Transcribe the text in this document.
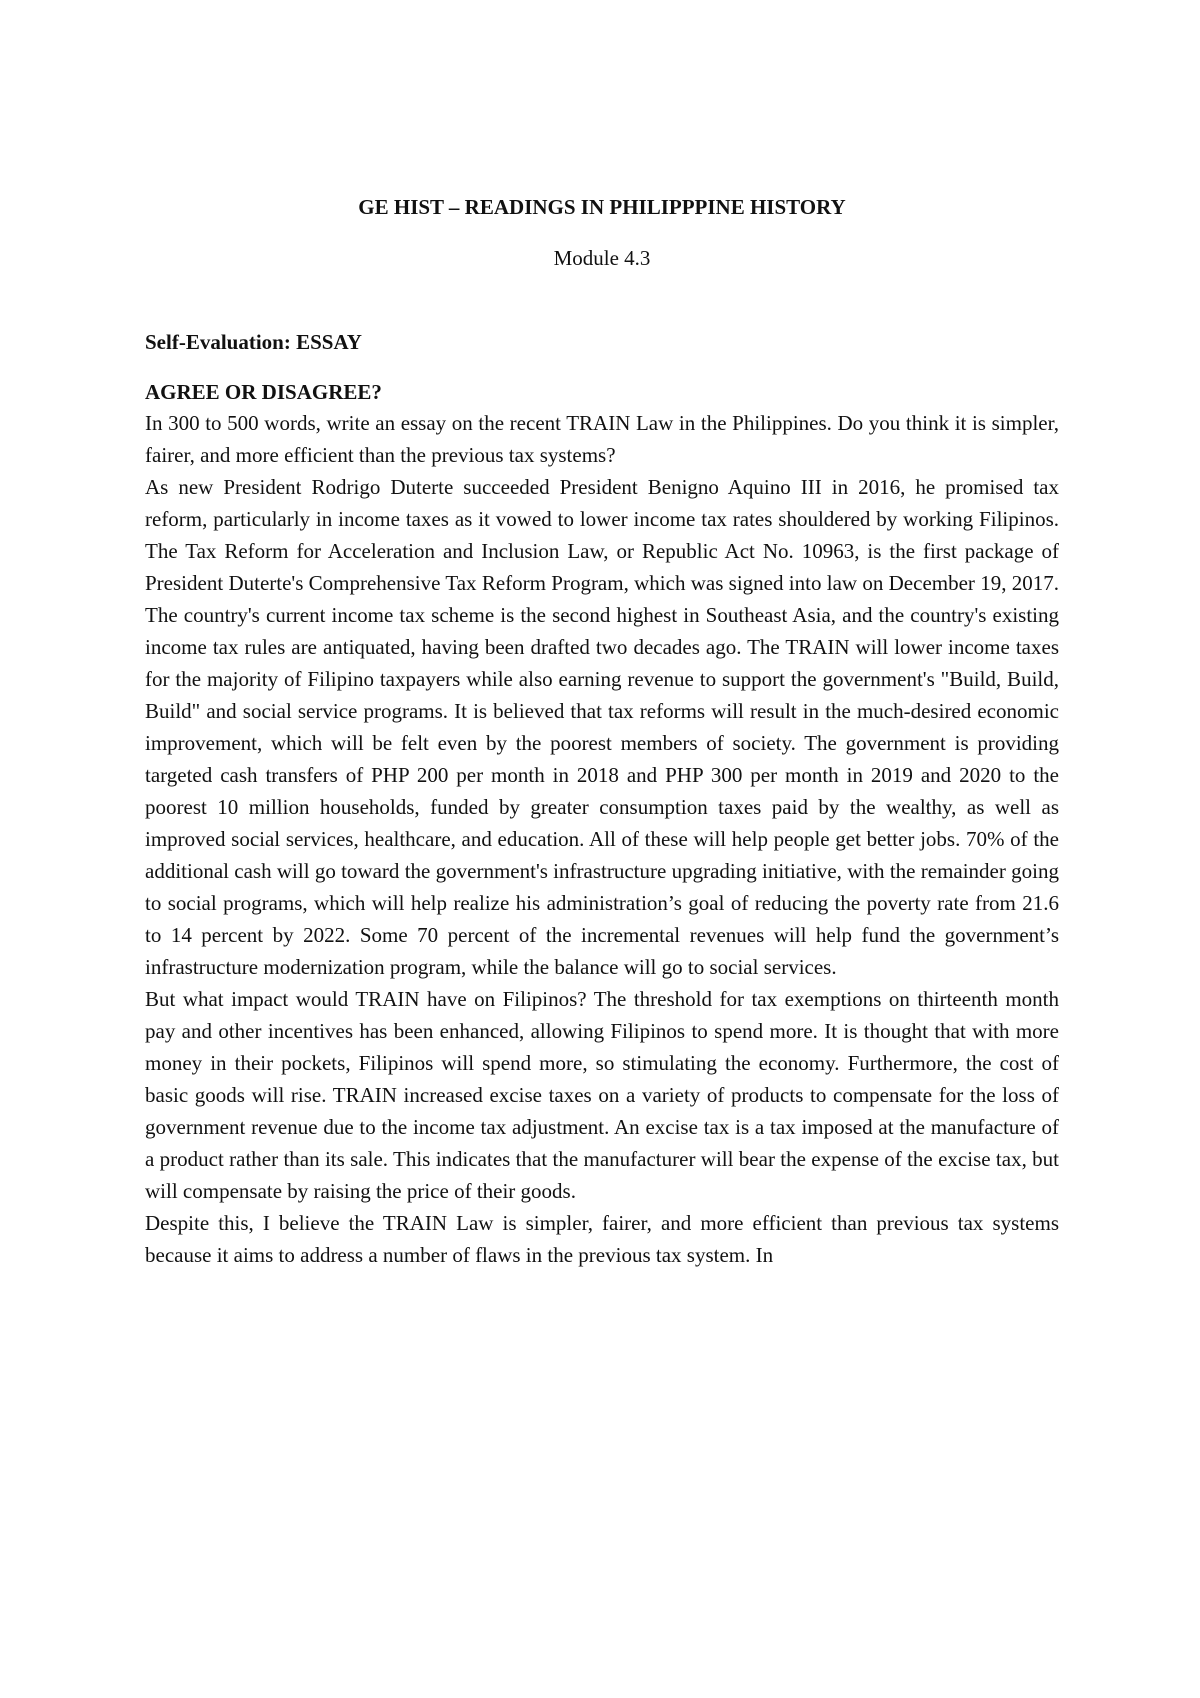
GE HIST – READINGS IN PHILIPPPINE HISTORY
Module 4.3
Self-Evaluation: ESSAY
AGREE OR DISAGREE?

In 300 to 500 words, write an essay on the recent TRAIN Law in the Philippines. Do you think it is simpler, fairer, and more efficient than the previous tax systems?

As new President Rodrigo Duterte succeeded President Benigno Aquino III in 2016, he promised tax reform, particularly in income taxes as it vowed to lower income tax rates shouldered by working Filipinos. The Tax Reform for Acceleration and Inclusion Law, or Republic Act No. 10963, is the first package of President Duterte's Comprehensive Tax Reform Program, which was signed into law on December 19, 2017. The country's current income tax scheme is the second highest in Southeast Asia, and the country's existing income tax rules are antiquated, having been drafted two decades ago. The TRAIN will lower income taxes for the majority of Filipino taxpayers while also earning revenue to support the government's "Build, Build, Build" and social service programs. It is believed that tax reforms will result in the much-desired economic improvement, which will be felt even by the poorest members of society. The government is providing targeted cash transfers of PHP 200 per month in 2018 and PHP 300 per month in 2019 and 2020 to the poorest 10 million households, funded by greater consumption taxes paid by the wealthy, as well as improved social services, healthcare, and education. All of these will help people get better jobs. 70% of the additional cash will go toward the government's infrastructure upgrading initiative, with the remainder going to social programs, which will help realize his administration’s goal of reducing the poverty rate from 21.6 to 14 percent by 2022. Some 70 percent of the incremental revenues will help fund the government’s infrastructure modernization program, while the balance will go to social services.

But what impact would TRAIN have on Filipinos? The threshold for tax exemptions on thirteenth month pay and other incentives has been enhanced, allowing Filipinos to spend more. It is thought that with more money in their pockets, Filipinos will spend more, so stimulating the economy. Furthermore, the cost of basic goods will rise. TRAIN increased excise taxes on a variety of products to compensate for the loss of government revenue due to the income tax adjustment. An excise tax is a tax imposed at the manufacture of a product rather than its sale. This indicates that the manufacturer will bear the expense of the excise tax, but will compensate by raising the price of their goods.

Despite this, I believe the TRAIN Law is simpler, fairer, and more efficient than previous tax systems because it aims to address a number of flaws in the previous tax system. In
